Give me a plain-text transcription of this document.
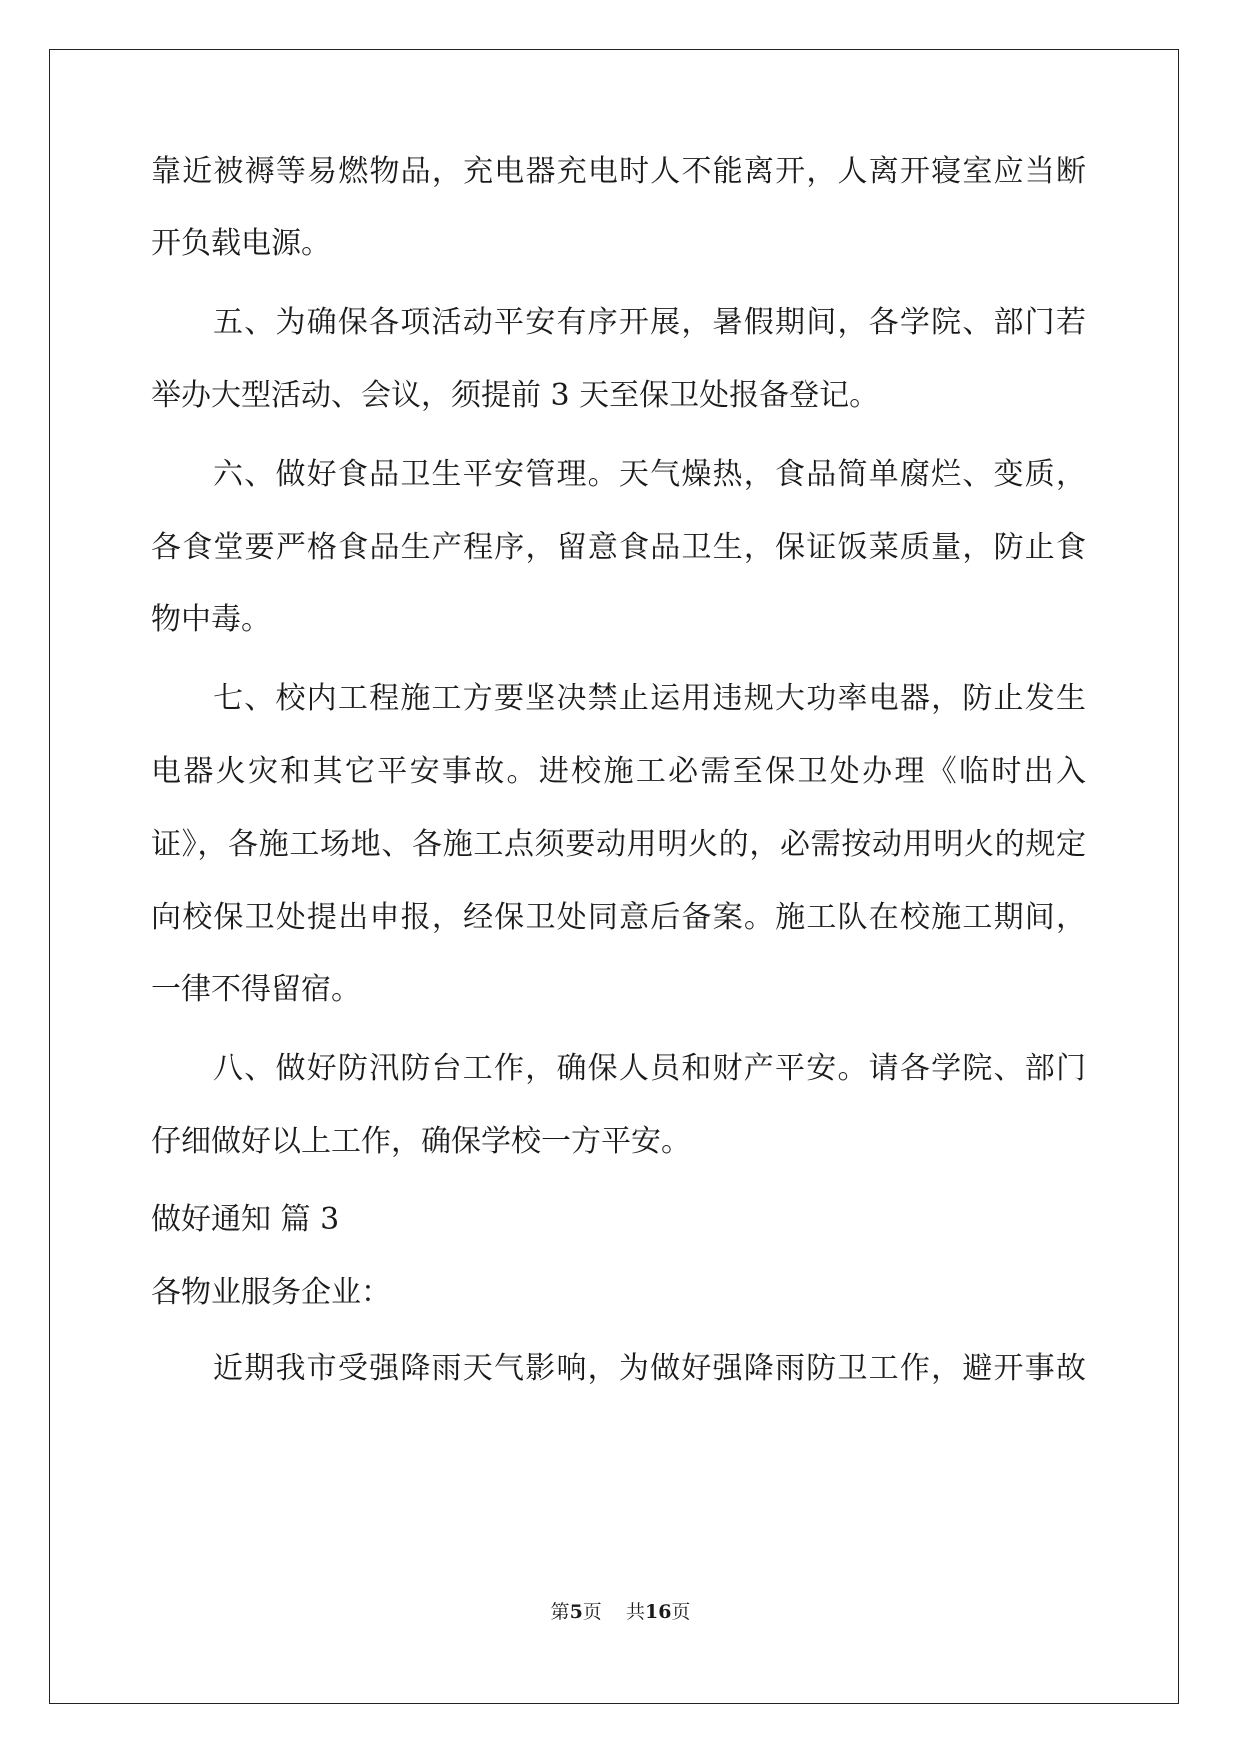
靠近被褥等易燃物品，充电器充电时人不能离开，人离开寝室应当断
开负载电源。
五、为确保各项活动平安有序开展，暑假期间，各学院、部门若
举办大型活动、会议，须提前 3 天至保卫处报备登记。
六、做好食品卫生平安管理。天气燥热，食品简单腐烂、变质，
各食堂要严格食品生产程序，留意食品卫生，保证饭菜质量，防止食
物中毒。
七、校内工程施工方要坚决禁止运用违规大功率电器，防止发生
电器火灾和其它平安事故。进校施工必需至保卫处办理《临时出入
证》，各施工场地、各施工点须要动用明火的，必需按动用明火的规定
向校保卫处提出申报，经保卫处同意后备案。施工队在校施工期间，
一律不得留宿。
八、做好防汛防台工作，确保人员和财产平安。请各学院、部门
仔细做好以上工作，确保学校一方平安。
做好通知 篇 3
各物业服务企业：
近期我市受强降雨天气影响，为做好强降雨防卫工作，避开事故
第5页    共16页
